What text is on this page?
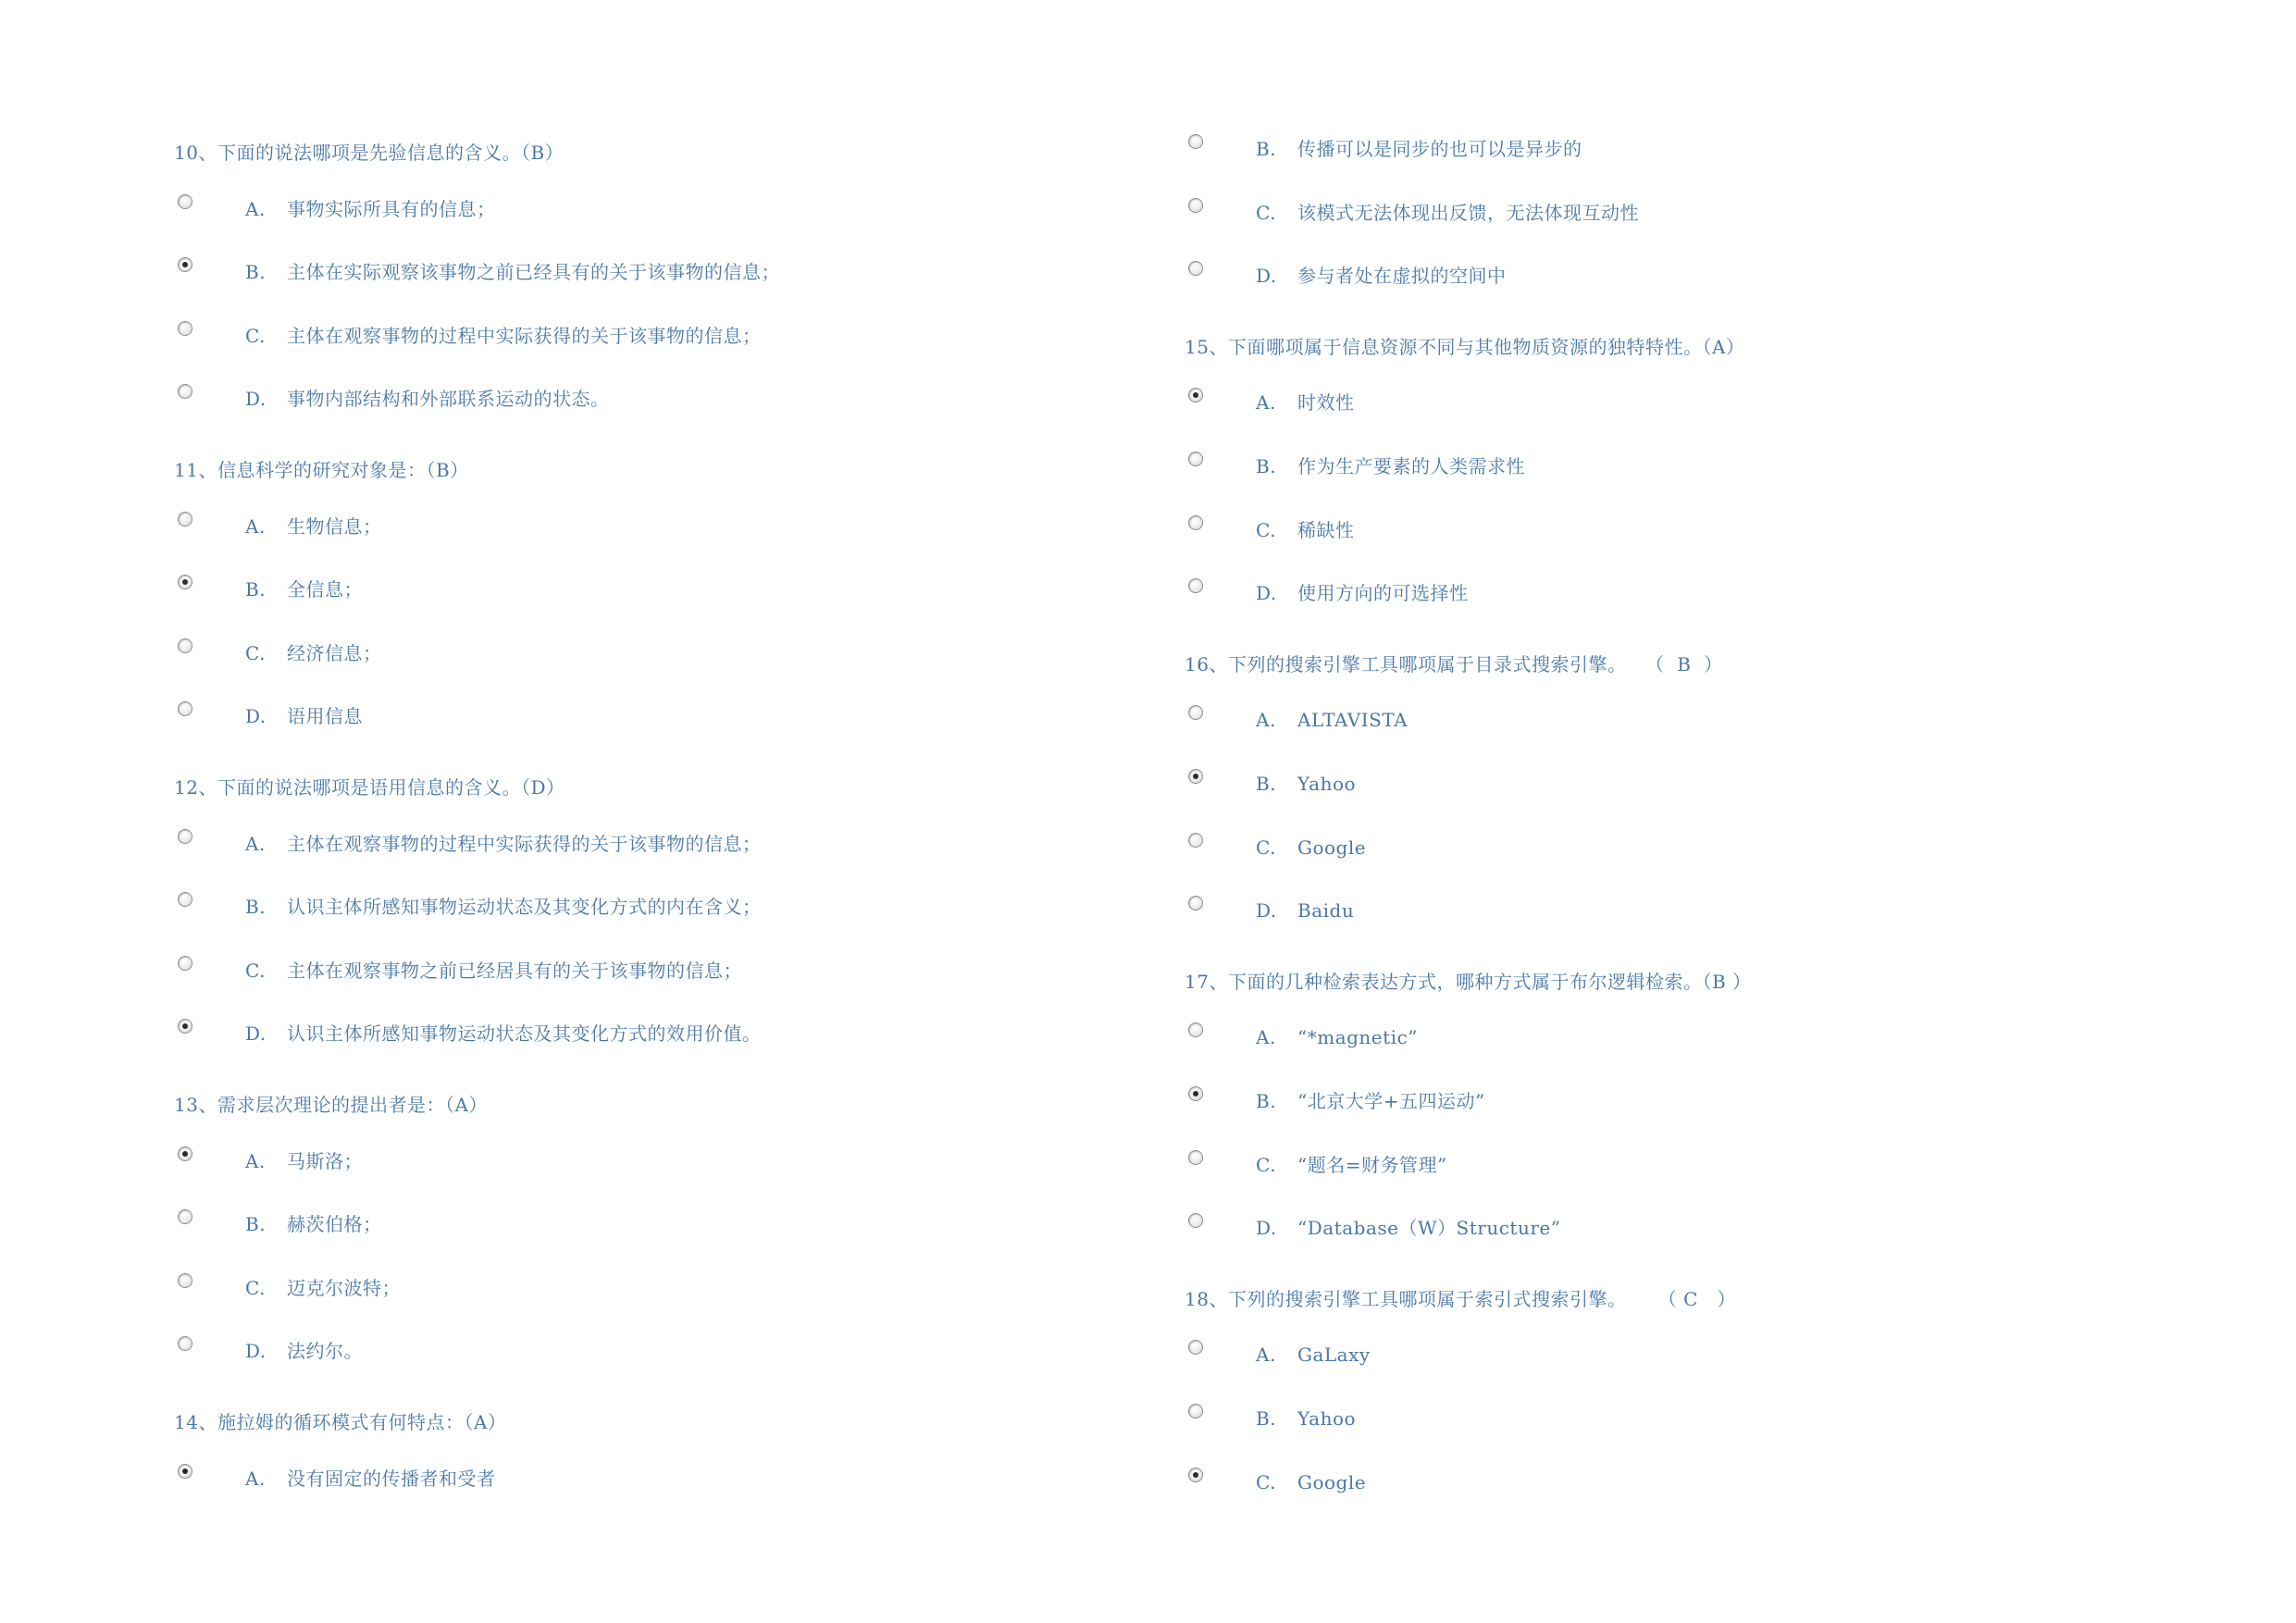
10、下面的说法哪项是先验信息的含义。（B）
A. 事物实际所具有的信息；
B. 主体在实际观察该事物之前已经具有的关于该事物的信息；
C. 主体在观察事物的过程中实际获得的关于该事物的信息；
D. 事物内部结构和外部联系运动的状态。
11、信息科学的研究对象是：（B）
A. 生物信息；
B. 全信息；
C. 经济信息；
D. 语用信息
12、下面的说法哪项是语用信息的含义。（D）
A. 主体在观察事物的过程中实际获得的关于该事物的信息；
B. 认识主体所感知事物运动状态及其变化方式的内在含义；
C. 主体在观察事物之前已经居具有的关于该事物的信息；
D. 认识主体所感知事物运动状态及其变化方式的效用价值。
13、需求层次理论的提出者是：（A）
A. 马斯洛；
B. 赫茨伯格；
C. 迈克尔波特；
D. 法约尔。
14、施拉姆的循环模式有何特点：（A）
A. 没有固定的传播者和受者
B. 传播可以是同步的也可以是异步的
C. 该模式无法体现出反馈，无法体现互动性
D. 参与者处在虚拟的空间中
15、下面哪项属于信息资源不同与其他物质资源的独特特性。（A）
A. 时效性
B. 作为生产要素的人类需求性
C. 稀缺性
D. 使用方向的可选择性
16、下列的搜索引擎工具哪项属于目录式搜索引擎。   （  B  ）
A. ALTAVISTA
B. Yahoo
C. Google
D. Baidu
17、下面的几种检索表达方式，哪种方式属于布尔逻辑检索。（B ）
A. “*magnetic”
B. “北京大学+五四运动”
C. “题名=财务管理”
D. “Database（W）Structure”
18、下列的搜索引擎工具哪项属于索引式搜索引擎。     （ C   ）
A. GaLaxy
B. Yahoo
C. Google
